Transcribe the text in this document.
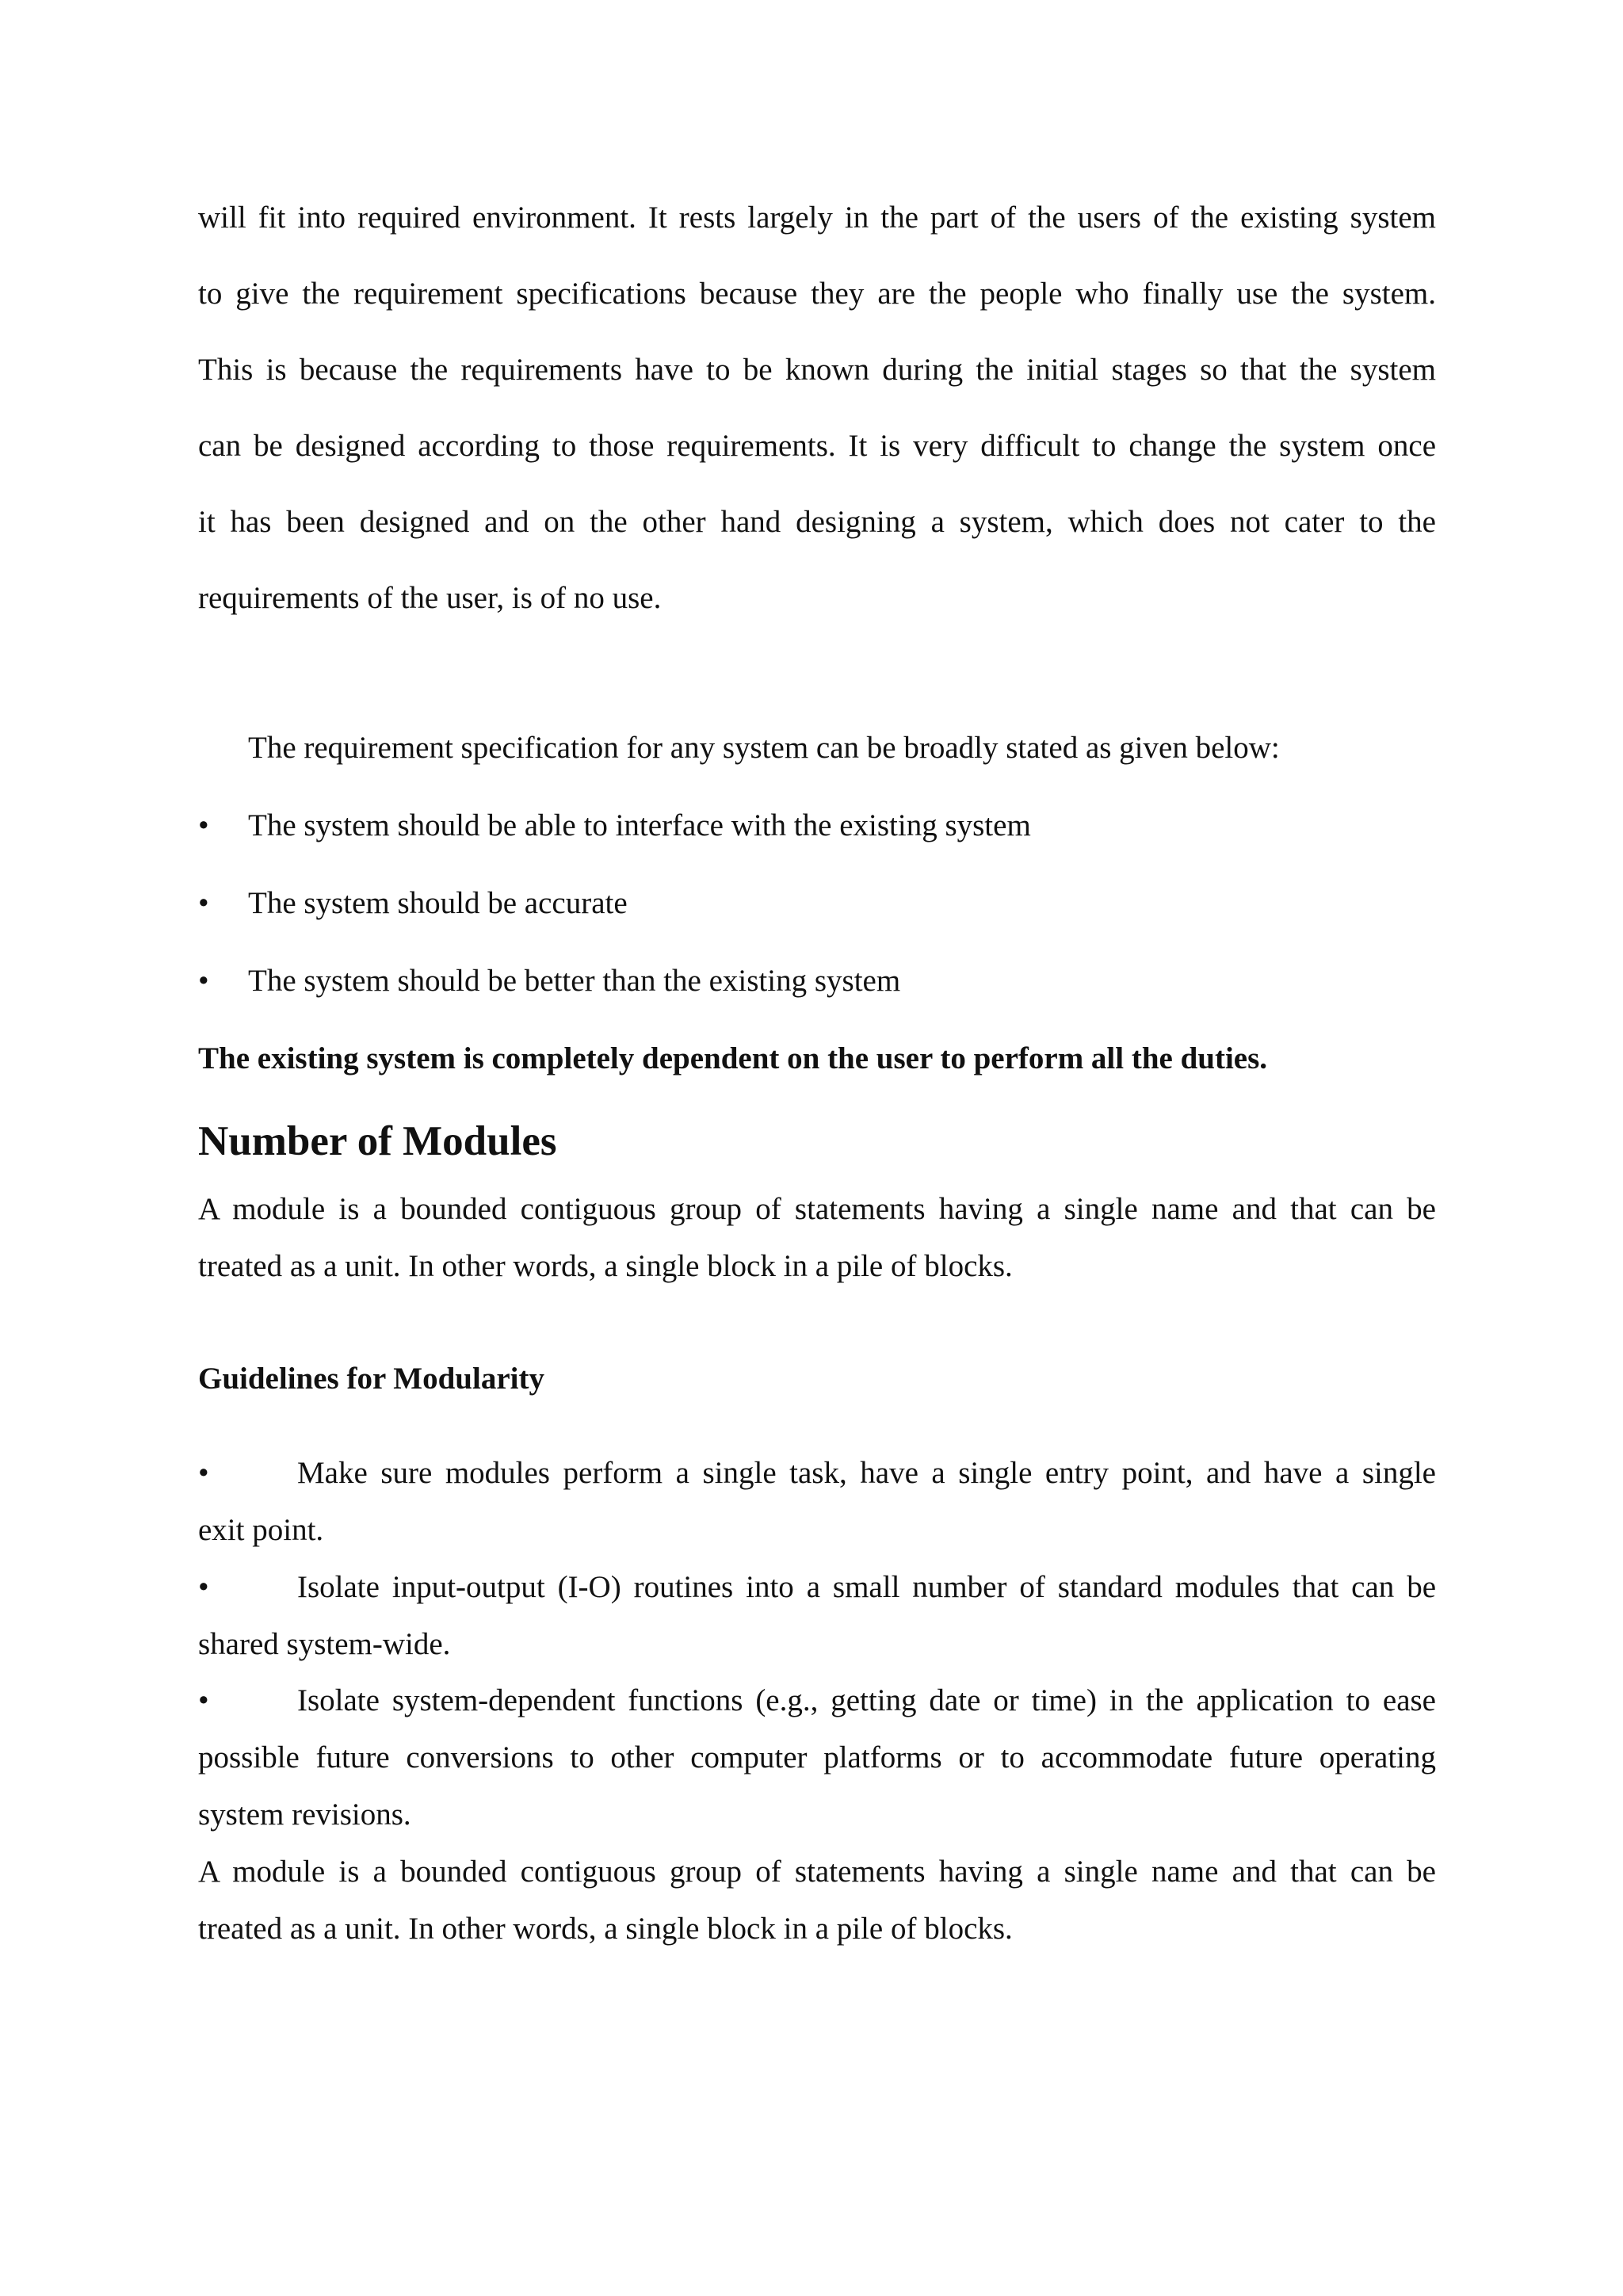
will fit into required environment. It rests largely in the part of the users of the existing system

to give the requirement specifications because they are the people who finally use the system.

This is because the requirements have to be known during the initial stages so that the system

can be designed according to those requirements. It is very difficult to change the system once

it has been designed and on the other hand designing a system, which does not cater to the

requirements of the user, is of no use.

The requirement specification for any system can be broadly stated as given below:

• The system should be able to interface with the existing system
• The system should be accurate
• The system should be better than the existing system

The existing system is completely dependent on the user to perform all the duties.

Number of Modules

A module is a bounded contiguous group of statements having a single name and that can be

treated as a unit. In other words, a single block in a pile of blocks.

Guidelines for Modularity
•	Make sure modules perform a single task, have a single entry point, and have a single

exit point.

•	Isolate input-output (I-O) routines into a small number of standard modules that can be

shared system-wide.

•	Isolate system-dependent functions (e.g., getting date or time) in the application to ease

possible future conversions to other computer platforms or to accommodate future operating

system revisions.

A module is a bounded contiguous group of statements having a single name and that can be

treated as a unit. In other words, a single block in a pile of blocks.
